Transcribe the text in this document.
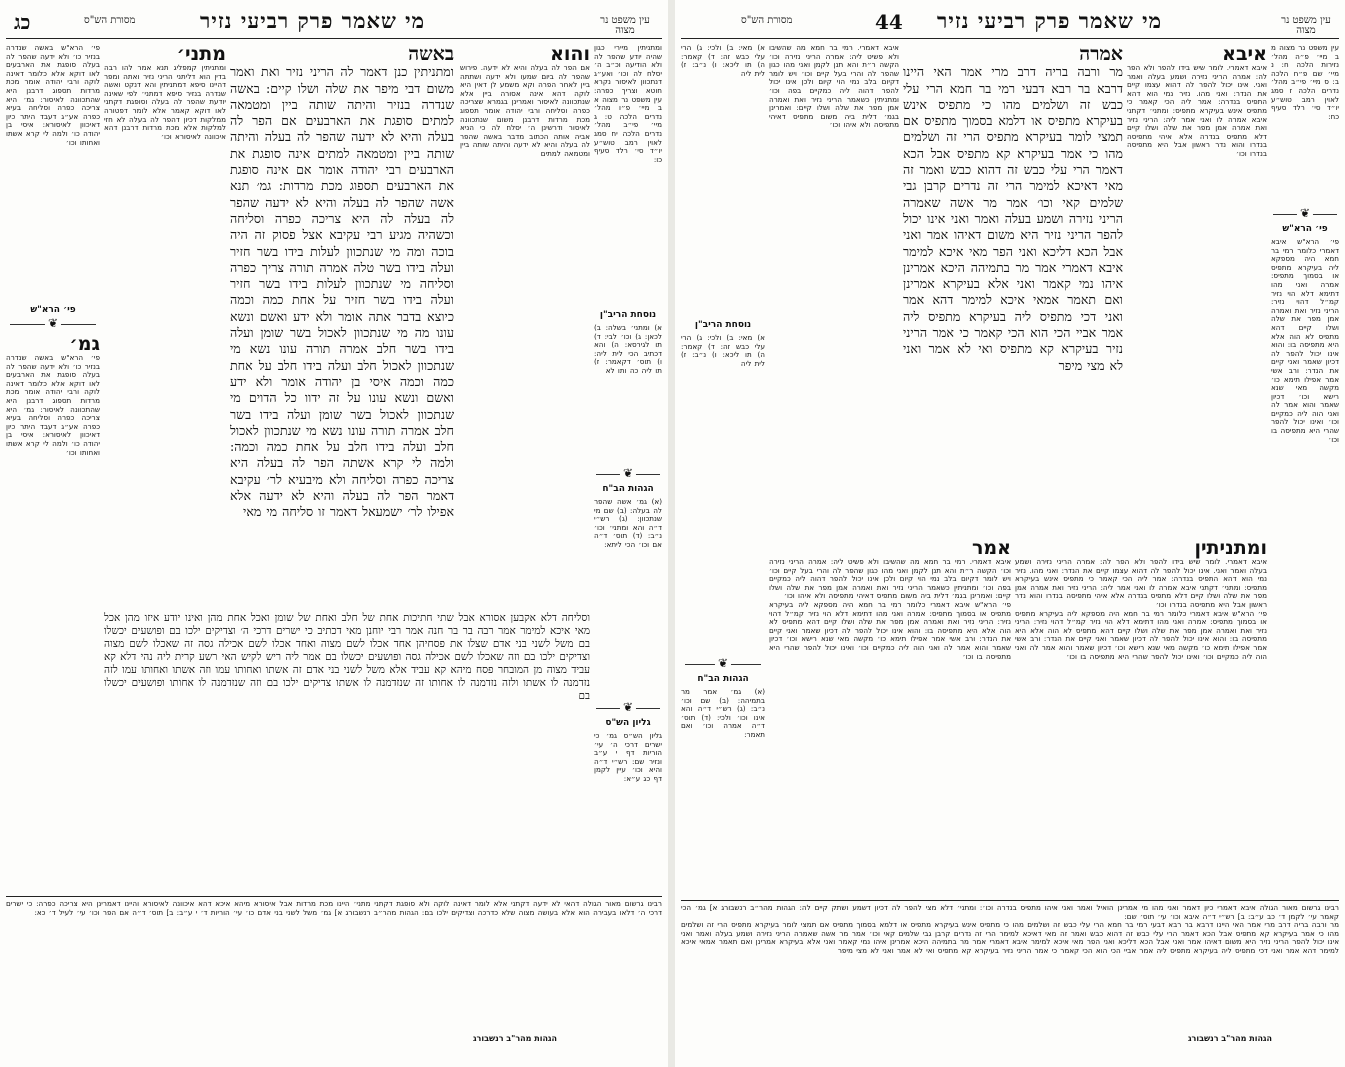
כג	מי שאמר פרק רביעי נזיר
מסורת הש"ס	עין משפט נר מצוה
ומתניתין מיירי כגון שהיה יודע שהפר לה ולא הודיעה וכ״ב ה׳ יסלח לה וכו׳ ואע״ג דנתכוון לאיסור נקרא חוטא וצריך כפרה: עין משפט נר מצוה א ב מיי׳ פ״ו מהל׳ נדרים הלכה ט: ג מיי׳ פי״ב מהל׳ נדרים הלכה יח סמג לאוין רמב טוש״ע יו״ד סי׳ רלד סעיף כו:
והוא
אם הפר לה בעלה והיא לא ידעה. פירוש שהפר לה ביום שמעו ולא ידעה ושתתה ביין לאחר הפרה וקא משמע לן דאין היא לוקה דהא אינה אסורה ביין אלא שנתכוונה לאיסור ואמרינן בגמרא שצריכה כפרה וסליחה ורבי יהודה אומר תספוג מכת מרדות דרבנן משום שנתכוונה לאיסור ודרשינן ה׳ יסלח לה כי הניא אביה אותה הכתוב מדבר באשה שהפר לה בעלה והיא לא ידעה והיתה שותה ביין ומטמאה למתים
באשה
ומתניתין כנן דאמר לה הריני נזיר ואת ואמר משום דבי מיפר את שלה ושלו קיים: באשה שנדרה בנזיר והיתה שותה ביין ומטמאה למתים סופגת את הארבעים אם הפר לה בעלה והיא לא ידעה שהפר לה בעלה והיתה שותה ביין ומטמאה למתים אינה סופגת את הארבעים רבי יהודה אומר אם אינה סופגת את הארבעים תספוג מכת מרדות: גמ׳ תנא אשה שהפר לה בעלה והיא לא ידעה שהפר לה בעלה לה היא צריכה כפרה וסליחה וכשהיה מגיע רבי עקיבא אצל פסוק זה היה בוכה ומה מי שנתכוון לעלות בידו בשר חזיר ועלה בידו בשר טלה אמרה תורה צריך כפרה וסליחה מי שנתכוון לעלות בידו בשר חזיר ועלה בידו בשר חזיר על אחת כמה וכמה כיוצא בדבר אתה אומר ולא ידע ואשם ונשא עונו מה מי שנתכוון לאכול בשר שומן ועלה בידו בשר חלב אמרה תורה עונו נשא מי שנתכוון לאכול חלב ועלה בידו חלב על אחת כמה וכמה איסי בן יהודה אומר ולא ידע ואשם ונשא עונו על זה ידוו כל הדוים מי שנתכוון לאכול בשר שומן ועלה בידו בשר חלב אמרה תורה עונו נשא מי שנתכוון לאכול חלב ועלה בידו חלב על אחת כמה וכמה: ולמה לי קרא אשתה הפר לה בעלה היא צריכה כפרה וסליחה ולא מיבעיא לר׳ עקיבא דאמר הפר לה בעלה והיא לא ידעה אלא אפילו לר׳ ישמעאל דאמר זו סליחה מי מאי
מתני׳
ומתניתין קמפליג תנא אמר להו רבה בדין הוא דליתני הריני נזיר ואתה ומפר דהיינו סיפא דמתניתין והא דנקט ואשה שנדרה בנזיר סיפא דמתני׳ לפי שאינה יודעת שהפר לה בעלה וסופגת דקתני לאו דוקא קאמר אלא לומר דפטורה ממלקות דכיון דהפר לה בעלה לא חזי למלקות אלא מכת מרדות דרבנן דהא איכוונה לאיסורא וכו׳
פי׳ הרא"ש באשה שנדרה בנזיר כו׳ ולא ידעה שהפר לה בעלה סופגת את הארבעים לאו דוקא אלא כלומר דאינה לוקה ורבי יהודה אומר מכת מרדות תספוג דרבנן היא שהתכוונה לאיסור: גמ׳ היא צריכה כפרה וסליחה בעיא כפרה אע״ג דעבד היתר כיון דאיכוון לאיסורא: איסי בן יהודה כו׳ ולמה לי קרא אשתו ואחותו וכו׳
פי׳ הרא"ש
❦
גמ׳
פי׳ הרא"ש באשה שנדרה בנזיר כו׳ ולא ידעה שהפר לה בעלה סופגת את הארבעים לאו דוקא אלא כלומר דאינה לוקה ורבי יהודה אומר מכת מרדות תספוג דרבנן היא שהתכוונה לאיסור: גמ׳ היא צריכה כפרה וסליחה בעיא כפרה אע״ג דעבד היתר כיון דאיכוון לאיסורא: איסי בן יהודה כו׳ ולמה לי קרא אשתו ואחותו וכו׳
נוסחת הריב"ן
א) ומתני׳ בשלה: ב) לכאן: ג) וכו׳ לבי: ד) תו לגירסא: ה) והא דכתיב הכי לית ליה: ו) תוס׳ דקאמר: ז) תו ליה כה ותו לא
❦
הגהות הב"ח
(א) גמ׳ אשה שהפר לה בעלה: (ב) שם מי שנתכוון: (ג) רש״י ד״ה והא ומתני׳ וכו׳ נ״ב: (ד) תוס׳ ד״ה אם וכו׳ הכי ליתא:
❦
גליון הש"ס
גליון הש״ס גמ׳ כי ישרים דרכי ה׳ עי׳ הוריות דף י ע״ב ונזיר שם: רש״י ד״ה והיא וכו׳ עיין לקמן דף כג ע״א:
וסליחה דלא אקבען אסורא אבל שתי חתיכות אחת של חלב ואחת של שומן ואכל אחת מהן ואינו יודע איזו מהן אכל מאי איכא למימר אמר רבה בר בר חנה אמר רבי יוחנן מאי דכתיב כי ישרים דרכי ה׳ וצדיקים ילכו בם ופושעים יכשלו בם משל לשני בני אדם שצלו את פסחיהן אחד אכלו לשם מצוה ואחד אכלו לשם אכילה גסה זה שאכלו לשם מצוה וצדיקים ילכו בם וזה שאכלו לשם אכילה גסה ופושעים יכשלו בם אמר ליה ריש לקיש האי רשע קרית ליה נהי דלא קא עביד מצוה מן המובחר פסח מיהא קא עביד אלא משל לשני בני אדם זה אשתו ואחותו עמו וזה אשתו ואחותו עמו לזה נזדמנה לו אשתו ולזה נזדמנה לו אחותו זה שנזדמנה לו אשתו צדיקים ילכו בם וזה שנזדמנה לו אחותו ופושעים יכשלו בם
רבינו גרשום מאור הגולה דהאי לא ידעה דקתני אלא לומר דאינה לוקה ולא סופגת דקתני מתני׳ היינו מכת מרדות אבל איסורא מיהא איכא דהא איכוונה לאיסורא והיינו דאמרינן היא צריכה כפרה: כי ישרים דרכי ה׳ דלאו בעבירה הוא אלא בעושה מצוה שלא כדרכה וצדיקים ילכו בם: הגהות מהר״ב רנשבורג א] גמ׳ משל לשני בני אדם כו׳ עי׳ הוריות ד׳ י ע״ב: ב] תוס׳ ד״ה אם הפר וכו׳ עי׳ לעיל ד׳ כא:
הגהות מהר"ב רנשבורג
44 מי שאמר פרק רביעי נזיר
מסורת הש"ס	עין משפט נר מצוה
עין משפט נר מצוה מ ב מיי׳ פ״ה מהל׳ נזירות הלכה ח: נ מיי׳ שם פ״ח הלכה ב: ס מיי׳ פי״ב מהל׳ נדרים הלכה ז סמג לאוין רמב טוש״ע יו״ד סי׳ רלד סעיף כח:
❦
פי׳ הרא"ש
פי׳ הרא"ש איבא דאמרי כלומר רמי בר חמא היה מספקא ליה בעיקרא מתפיס או בסמוך מתפיס: אמרה ואני מהו דתימא דלא הוי נזיר קמ״ל דהוי נזיר: הריני נזיר ואת ואמרה אמן מפר את שלה ושלו קיים דהא מתפיס לא הוה אלא היא מתפיסה בו: והוא אינו יכול להפר לה דכיון שאמר ואני קיים את הנדר: ורב אשי אמר אפילו תימא כו׳ מקשה מאי שנא רישא וכו׳ דכיון שאמר והוא אמר לה ואני הוה ליה כמקיים וכו׳ ואינו יכול להפר שהרי היא מתפיסה בו וכו׳
איבא
איבא דאמרי. לומר שיש בידו להפר ולא הפר לה: אמרה הריני נזירה ושמע בעלה ואמר ואני. אינו יכול להפר לה דהוא עצמו קיים את הנדר: ואני מהו. נזיר נמי הוא דהא התפיס בנדרה: אמר ליה הכי קאמר כי מתפיס אינש בעיקרא מתפיס: ומתני׳ דקתני איבא אמרה לו ואני אמר ליה: הריני נזיר ואת אמרה אמן מפר את שלה ושלו קיים דלא מתפיס בנדרה אלא איהי מתפיסה בנדרו והוא נדר ראשון אבל היא מתפיסה בנדרו וכו׳
אמרה
מר ורבה בריה דרב מרי אמר האי היינו דרבא בר רבא דבעי רמי בר חמא הרי עלי כבש זה ושלמים מהו כי מתפיס אינש בעיקרא מתפיס או דלמא בסמוך מתפיס אם תמצי לומר בעיקרא מתפיס הרי זה ושלמים מהו כי אמר בעיקרא קא מתפיס אבל הכא דאמר הרי עלי כבש זה דהוא כבש ואמר זה מאי דאיכא למימר הרי זה נדרים קרבן גבי שלמים קאי וכו׳ אמר מר אשה שאמרה הריני נזירה ושמע בעלה ואמר ואני אינו יכול להפר הריני נזיר היא משום דאיהו אמר ואני אבל הכא דליכא ואני הפר מאי איכא למימר איבא דאמרי אמר מר בתמיהה היכא אמרינן איהו נמי קאמר ואני אלא בעיקרא אמרינן ואם תאמר אמאי איכא למימר דהא אמר ואני דכי מתפיס ליה בעיקרא מתפיס ליה אמר אביי הכי הוא הכי קאמר כי אמר הריני נזיר בעיקרא קא מתפיס ואי לא אמר ואני לא מצי מיפר
איבא דאמרי. רמי בר חמא מה שהשיבו ולא פשיט ליה: אמרה הריני נזירה וכו׳ הקשה ר״ת והא תנן לקמן ואני מהו כגון שהפר לה והרי בעל קיים וכו׳ ויש לומר דקיום בלב נמי הוי קיום ולכן אינו יכול להפר דהוה ליה כמקיים בפה וכו׳ ומתניתין כשאמר הריני נזיר ואת ואמרה אמן מפר את שלה ושלו קיים: ואמרינן בגמ׳ דלית ביה משום מתפיס דאיהי מתפיסה ולא איהו וכו׳
א) מאי: ב) ולכי: ג) הרי עלי כבש זה: ד) קאמר: ה) תו ליכא: ו) נ״ב: ז) לית ליה
נוסחת הריב"ן
א) מאי: ב) ולכי: ג) הרי עלי כבש זה: ד) קאמר: ה) תו ליכא: ו) נ״ב: ז) לית ליה
❦
הגהות הב"ח
(א) גמ׳ אמר מר בתמיהה: (ב) שם וכו׳ נ״ב: (ג) רש״י ד״ה והא אינו וכו׳ ולכי: (ד) תוס׳ ד״ה אמרה וכו׳ ואם תאמר:
ומתניתין
איבא דאמרי. לומר שיש בידו להפר ולא הפר לה: אמרה הריני נזירה ושמע בעלה ואמר ואני. אינו יכול להפר לה דהוא עצמו קיים את הנדר: ואני מהו. נזיר נמי הוא דהא התפיס בנדרה: אמר ליה הכי קאמר כי מתפיס אינש בעיקרא מתפיס: ומתני׳ דקתני איבא אמרה לו ואני אמר ליה: הריני נזיר ואת אמרה אמן מפר את שלה ושלו קיים דלא מתפיס בנדרה אלא איהי מתפיסה בנדרו והוא נדר ראשון אבל היא מתפיסה בנדרו וכו׳
פי׳ הרא"ש איבא דאמרי כלומר רמי בר חמא היה מספקא ליה בעיקרא מתפיס או בסמוך מתפיס: אמרה ואני מהו דתימא דלא הוי נזיר קמ״ל דהוי נזיר: הריני נזיר ואת ואמרה אמן מפר את שלה ושלו קיים דהא מתפיס לא הוה אלא היא מתפיסה בו: והוא אינו יכול להפר לה דכיון שאמר ואני קיים את הנדר: ורב אשי אמר אפילו תימא כו׳ מקשה מאי שנא רישא וכו׳ דכיון שאמר והוא אמר לה ואני הוה ליה כמקיים וכו׳ ואינו יכול להפר שהרי היא מתפיסה בו וכו׳
אמר
איבא דאמרי. רמי בר חמא מה שהשיבו ולא פשיט ליה: אמרה הריני נזירה וכו׳ הקשה ר״ת והא תנן לקמן ואני מהו כגון שהפר לה והרי בעל קיים וכו׳ ויש לומר דקיום בלב נמי הוי קיום ולכן אינו יכול להפר דהוה ליה כמקיים בפה וכו׳ ומתניתין כשאמר הריני נזיר ואת ואמרה אמן מפר את שלה ושלו קיים: ואמרינן בגמ׳ דלית ביה משום מתפיס דאיהי מתפיסה ולא איהו וכו׳
פי׳ הרא"ש איבא דאמרי כלומר רמי בר חמא היה מספקא ליה בעיקרא מתפיס או בסמוך מתפיס: אמרה ואני מהו דתימא דלא הוי נזיר קמ״ל דהוי נזיר: הריני נזיר ואת ואמרה אמן מפר את שלה ושלו קיים דהא מתפיס לא הוה אלא היא מתפיסה בו: והוא אינו יכול להפר לה דכיון שאמר ואני קיים את הנדר: ורב אשי אמר אפילו תימא כו׳ מקשה מאי שנא רישא וכו׳ דכיון שאמר והוא אמר לה ואני הוה ליה כמקיים וכו׳ ואינו יכול להפר שהרי היא מתפיסה בו וכו׳
רבינו גרשום מאור הגולה איבא דאמרי כיון דאמר ואני מהו מי אמרינן הואיל ואמר ואני איהו מתפיס בנדרה וכו׳: ומתני׳ דלא מצי להפר לה דכיון דשמע ושתק קיים לה: הגהות מהר״ב רנשבורג א] גמ׳ הכי קאמר עי׳ לקמן ד׳ כב ע״ב: ב] רש״י ד״ה איבא וכו׳ עי׳ תוס׳ שם:
מר ורבה בריה דרב מרי אמר האי היינו דרבא בר רבא דבעי רמי בר חמא הרי עלי כבש זה ושלמים מהו כי מתפיס אינש בעיקרא מתפיס או דלמא בסמוך מתפיס אם תמצי לומר בעיקרא מתפיס הרי זה ושלמים מהו כי אמר בעיקרא קא מתפיס אבל הכא דאמר הרי עלי כבש זה דהוא כבש ואמר זה מאי דאיכא למימר הרי זה נדרים קרבן גבי שלמים קאי וכו׳ אמר מר אשה שאמרה הריני נזירה ושמע בעלה ואמר ואני אינו יכול להפר הריני נזיר היא משום דאיהו אמר ואני אבל הכא דליכא ואני הפר מאי איכא למימר איבא דאמרי אמר מר בתמיהה היכא אמרינן איהו נמי קאמר ואני אלא בעיקרא אמרינן ואם תאמר אמאי איכא למימר דהא אמר ואני דכי מתפיס ליה בעיקרא מתפיס ליה אמר אביי הכי הוא הכי קאמר כי אמר הריני נזיר בעיקרא קא מתפיס ואי לא אמר ואני לא מצי מיפר
הגהות מהר"ב רנשבורג
